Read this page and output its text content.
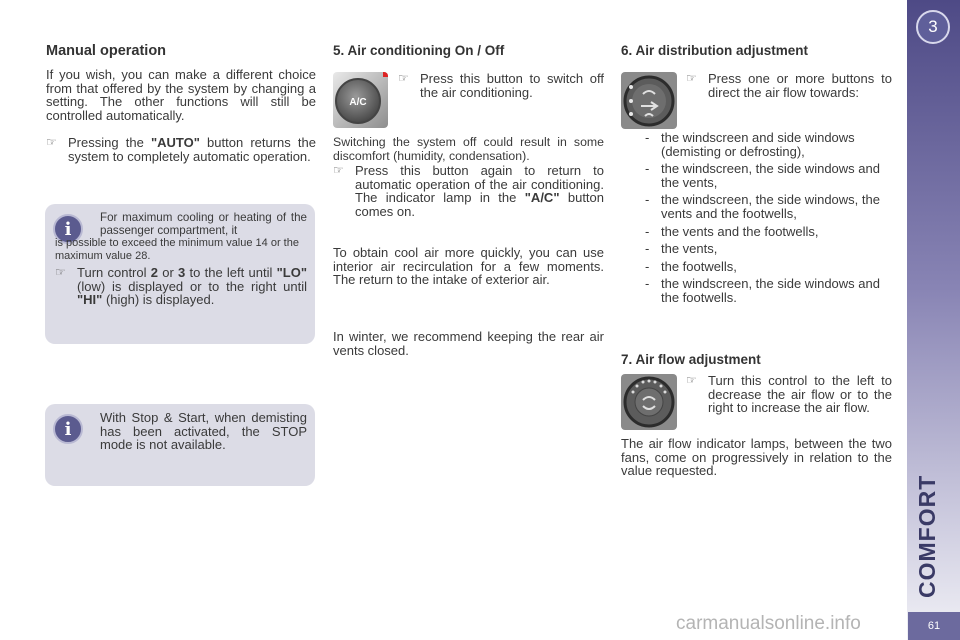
Manual operation

If you wish, you can make a different choice from that offered by the system by changing a setting. The other functions will still be controlled automatically.

☞ Pressing the "AUTO" button returns the system to completely automatic operation.
i

For maximum cooling or heating of the passenger compartment, it

is possible to exceed the minimum value 14 or the maximum value 28.

☞ Turn control 2 or 3 to the left until "LO" (low) is displayed or to the right until "HI" (high) is displayed.
i

With Stop & Start, when demisting has been activated, the STOP mode is not available.

5. Air conditioning On / Off
A/C
☞ Press this button to switch off the air conditioning.

Switching the system off could result in some discomfort (humidity, condensation).

☞ Press this button again to return to automatic operation of the air conditioning. The indicator lamp in the "A/C" button comes on.

To obtain cool air more quickly, you can use interior air recirculation for a few moments. The return to the intake of exterior air.

In winter, we recommend keeping the rear air vents closed.

6. Air distribution adjustment
☞ Press one or more buttons to direct the air flow towards:
- the windscreen and side windows (demisting or defrosting),
- the windscreen, the side windows and the vents,
- the windscreen, the side windows, the vents and the footwells,
- the vents and the footwells,
- the vents,
- the footwells,
- the windscreen, the side windows and the footwells.
7. Air flow adjustment
☞ Turn this control to the left to decrease the air flow or to the right to increase the air flow.

The air flow indicator lamps, between the two fans, come on progressively in relation to the value requested.

3
COMFORT
61
carmanualsonline.info
